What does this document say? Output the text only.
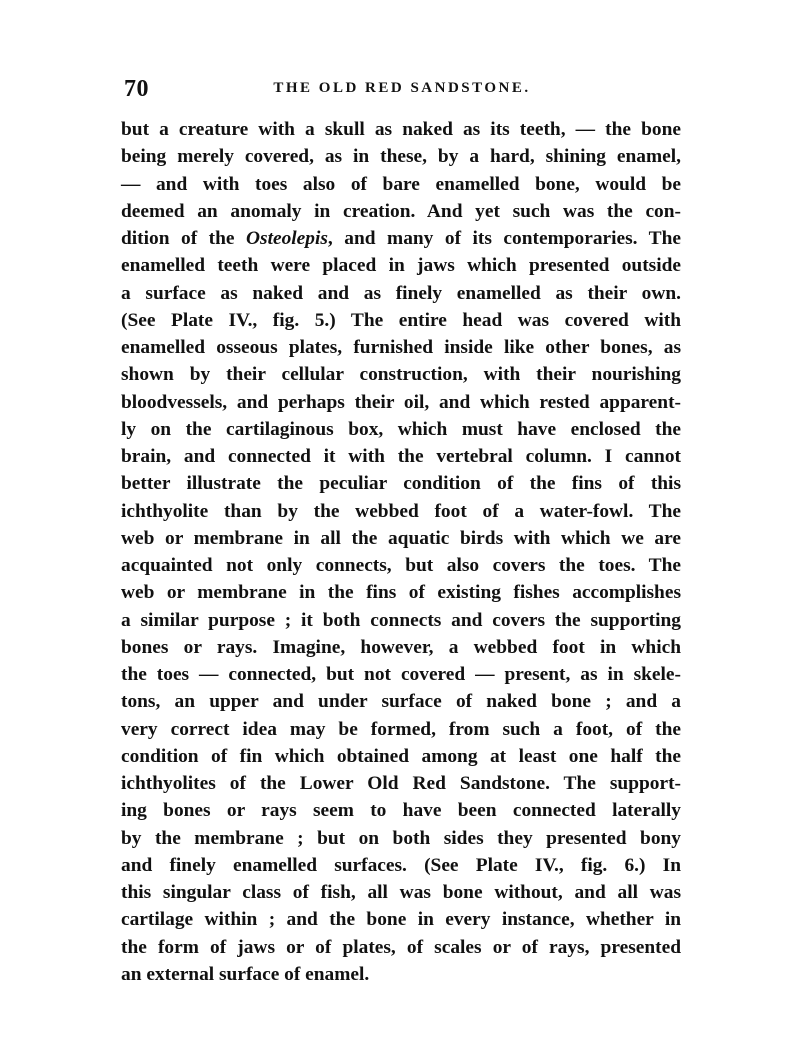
70	THE OLD RED SANDSTONE.
but a creature with a skull as naked as its teeth, — the bone
being merely covered, as in these, by a hard, shining enamel,
— and with toes also of bare enamelled bone, would be
deemed an anomaly in creation. And yet such was the con-
dition of the Osteolepis, and many of its contemporaries. The
enamelled teeth were placed in jaws which presented outside
a surface as naked and as finely enamelled as their own.
(See Plate IV., fig. 5.) The entire head was covered with
enamelled osseous plates, furnished inside like other bones, as
shown by their cellular construction, with their nourishing
bloodvessels, and perhaps their oil, and which rested apparent-
ly on the cartilaginous box, which must have enclosed the
brain, and connected it with the vertebral column. I cannot
better illustrate the peculiar condition of the fins of this
ichthyolite than by the webbed foot of a water-fowl. The
web or membrane in all the aquatic birds with which we are
acquainted not only connects, but also covers the toes. The
web or membrane in the fins of existing fishes accomplishes
a similar purpose ; it both connects and covers the supporting
bones or rays. Imagine, however, a webbed foot in which
the toes — connected, but not covered — present, as in skele-
tons, an upper and under surface of naked bone ; and a
very correct idea may be formed, from such a foot, of the
condition of fin which obtained among at least one half the
ichthyolites of the Lower Old Red Sandstone. The support-
ing bones or rays seem to have been connected laterally
by the membrane ; but on both sides they presented bony
and finely enamelled surfaces. (See Plate IV., fig. 6.) In
this singular class of fish, all was bone without, and all was
cartilage within ; and the bone in every instance, whether in
the form of jaws or of plates, of scales or of rays, presented
an external surface of enamel.
